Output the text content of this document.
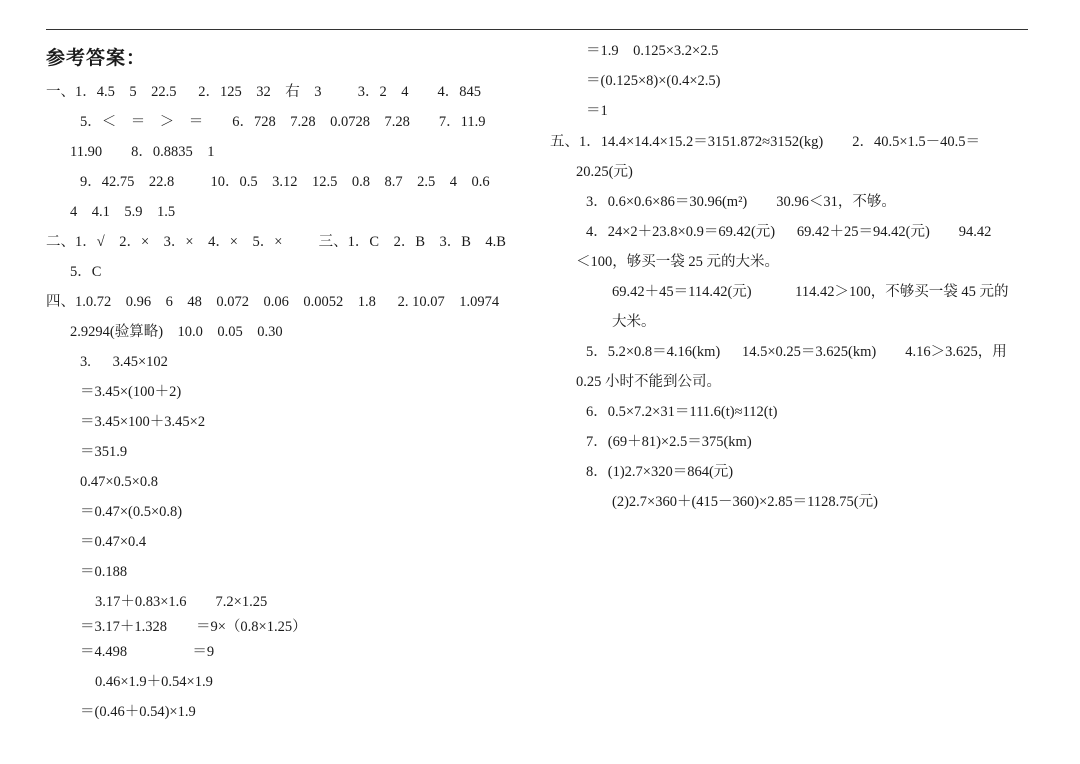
参考答案：
一、1．4.5    5    22.5      2．125    32    右    3          3．2    4        4．845
5．＜    ＝    ＞    ＝        6．728    7.28    0.0728    7.28        7．11.9
11.90        8．0.8835    1
9．42.75    22.8          10．0.5    3.12    12.5    0.8    8.7    2.5    4    0.6
4    4.1    5.9    1.5
二、1．√    2．×    3．×    4．×    5．×          三、1．C    2．B    3．B    4.B
5．C
四、1.0.72    0.96    6    48    0.072    0.06    0.0052    1.8      2. 10.07    1.0974
2.9294(验算略)    10.0    0.05    0.30
3.      3.45×102
＝3.45×(100＋2)
＝3.45×100＋3.45×2
＝351.9
0.47×0.5×0.8
＝0.47×(0.5×0.8)
＝0.47×0.4
＝0.188
3.17＋0.83×1.6        7.2×1.25
＝3.17＋1.328        ＝9×（0.8×1.25）
＝4.498                  ＝9
0.46×1.9＋0.54×1.9
＝(0.46＋0.54)×1.9
＝1.9    0.125×3.2×2.5
＝(0.125×8)×(0.4×2.5)
＝1
五、1．14.4×14.4×15.2＝3151.872≈3152(kg)        2．40.5×1.5－40.5＝
20.25(元)
3．0.6×0.6×86＝30.96(m²)        30.96＜31，不够。
4．24×2＋23.8×0.9＝69.42(元)      69.42＋25＝94.42(元)        94.42
＜100，够买一袋 25 元的大米。
69.42＋45＝114.42(元)            114.42＞100，不够买一袋 45 元的
大米。
5．5.2×0.8＝4.16(km)      14.5×0.25＝3.625(km)        4.16＞3.625，用
0.25 小时不能到公司。
6．0.5×7.2×31＝111.6(t)≈112(t)
7．(69＋81)×2.5＝375(km)
8．(1)2.7×320＝864(元)
(2)2.7×360＋(415－360)×2.85＝1128.75(元)
